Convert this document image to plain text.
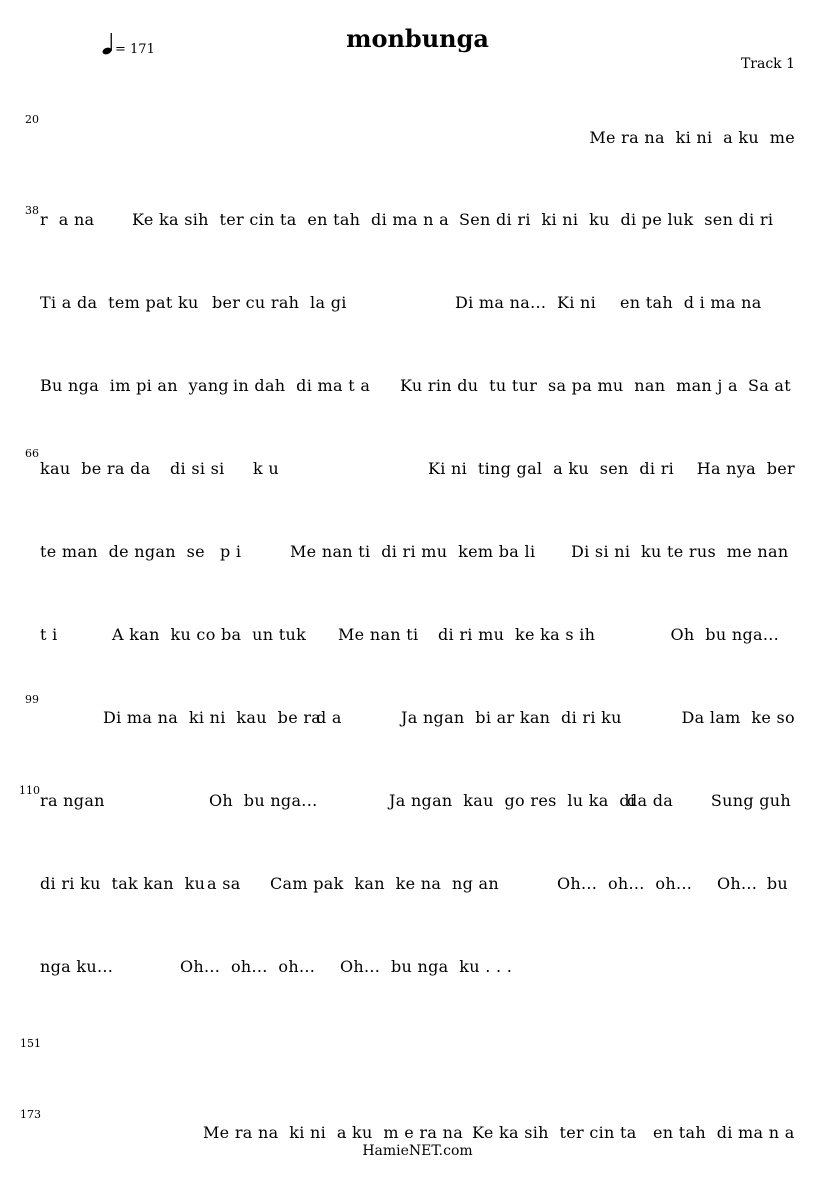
monbunga
= 171
Track 1
20
38
66
99
110
151
173
Me ra na  ki ni  a ku  me
r  a na Ke ka sih  ter cin ta  en tah  di ma n a Sen di ri  ki ni  ku  di pe luk  sen di ri
Ti a da  tem pat ku ber cu rah  la gi	Di ma na...  Ki ni en tah  d i ma na
Bu nga  im pi an  yang in dah  di ma t a Ku rin du  tu tur  sa pa mu  nan  man j a Sa at
kau  be ra da di si si k u	Ki ni  ting gal  a ku  sen  di ri Ha nya  ber
te man  de ngan  se p i	Me nan ti  di ri mu  kem ba li Di si ni  ku te rus  me nan
t i	A kan  ku co ba  un tuk Me nan ti di ri mu  ke ka s ih	Oh  bu nga...
Di ma na  ki ni  kau  be ra
d a	Ja ngan  bi ar kan  di ri ku	Da lam  ke so
ra ngan	Oh  bu nga...	Ja ngan  kau  go res  lu ka  di
da da Sung guh
di ri ku  tak kan  ku a sa Cam pak  kan  ke na ng an	Oh...  oh...  oh... Oh... bu
nga ku...	Oh...  oh...  oh... Oh...  bu nga  ku . . .
Me ra na  ki ni  a ku  m e ra na Ke ka sih  ter cin ta en tah  di ma n a
HamieNET.com
